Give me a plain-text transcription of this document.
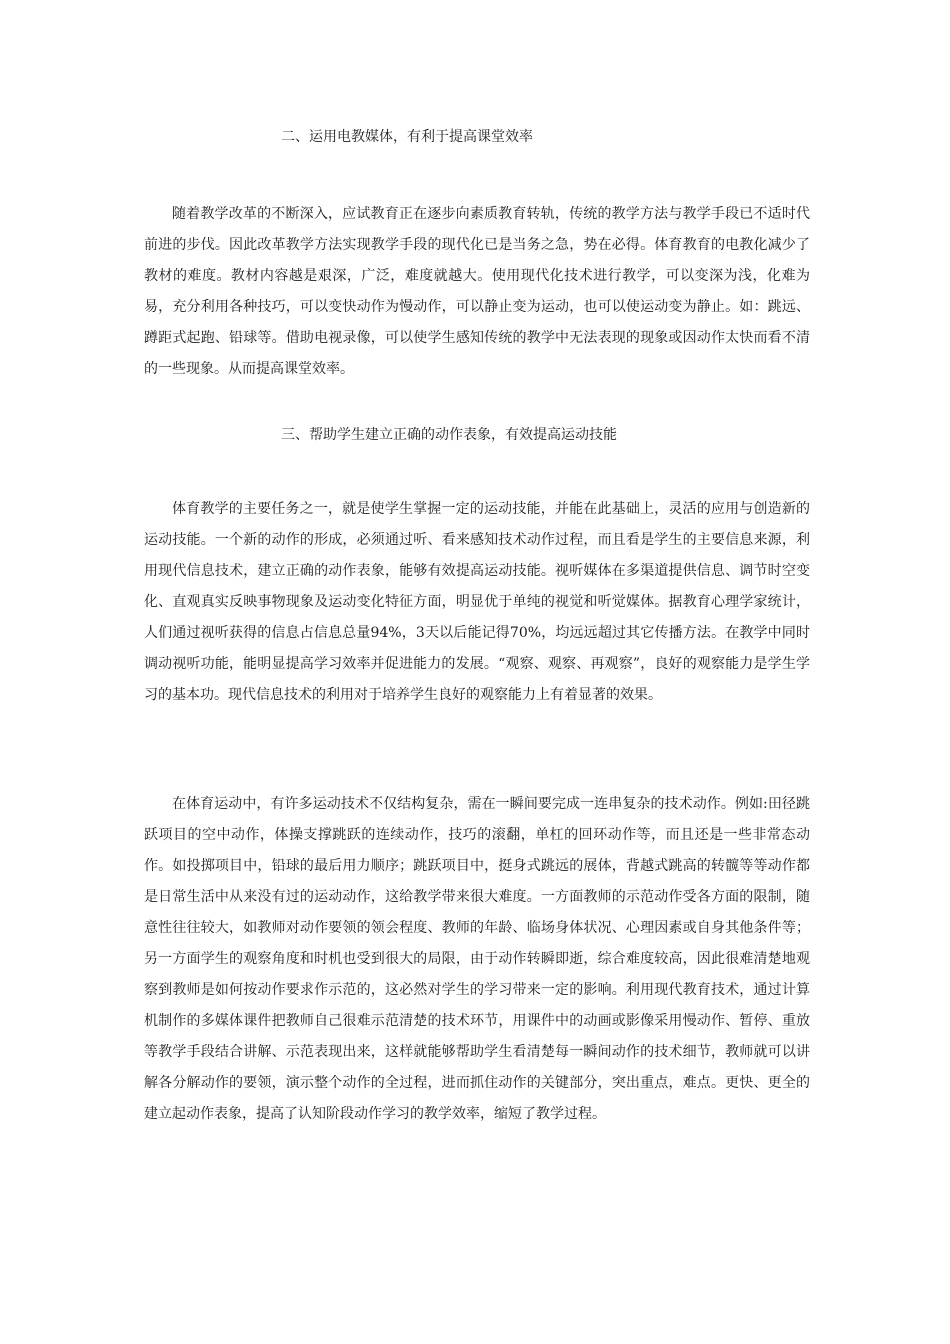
二、运用电教媒体，有利于提高课堂效率

随着教学改革的不断深入，应试教育正在逐步向素质教育转轨，传统的教学方法与教学手段已不适时代前进的步伐。因此改革教学方法实现教学手段的现代化已是当务之急，势在必得。体育教育的电教化减少了教材的难度。教材内容越是艰深，广泛，难度就越大。使用现代化技术进行教学，可以变深为浅，化难为易，充分利用各种技巧，可以变快动作为慢动作，可以静止变为运动，也可以使运动变为静止。如：跳远、蹲距式起跑、铅球等。借助电视录像，可以使学生感知传统的教学中无法表现的现象或因动作太快而看不清的一些现象。从而提高课堂效率。

三、帮助学生建立正确的动作表象，有效提高运动技能

体育教学的主要任务之一，就是使学生掌握一定的运动技能，并能在此基础上，灵活的应用与创造新的运动技能。一个新的动作的形成，必须通过听、看来感知技术动作过程，而且看是学生的主要信息来源，利用现代信息技术，建立正确的动作表象，能够有效提高运动技能。视听媒体在多渠道提供信息、调节时空变化、直观真实反映事物现象及运动变化特征方面，明显优于单纯的视觉和听觉媒体。据教育心理学家统计，人们通过视听获得的信息占信息总量94%，3天以后能记得70%，均远远超过其它传播方法。在教学中同时调动视听功能，能明显提高学习效率并促进能力的发展。“观察、观察、再观察”，良好的观察能力是学生学习的基本功。现代信息技术的利用对于培养学生良好的观察能力上有着显著的效果。

在体育运动中，有许多运动技术不仅结构复杂，需在一瞬间要完成一连串复杂的技术动作。例如:田径跳跃项目的空中动作，体操支撑跳跃的连续动作，技巧的滚翻，单杠的回环动作等，而且还是一些非常态动作。如投掷项目中，铅球的最后用力顺序；跳跃项目中，挺身式跳远的展体，背越式跳高的转髋等等动作都是日常生活中从来没有过的运动动作，这给教学带来很大难度。一方面教师的示范动作受各方面的限制，随意性往往较大，如教师对动作要领的领会程度、教师的年龄、临场身体状况、心理因素或自身其他条件等；另一方面学生的观察角度和时机也受到很大的局限，由于动作转瞬即逝，综合难度较高，因此很难清楚地观察到教师是如何按动作要求作示范的，这必然对学生的学习带来一定的影响。利用现代教育技术，通过计算机制作的多媒体课件把教师自己很难示范清楚的技术环节，用课件中的动画或影像采用慢动作、暂停、重放等教学手段结合讲解、示范表现出来，这样就能够帮助学生看清楚每一瞬间动作的技术细节，教师就可以讲解各分解动作的要领，演示整个动作的全过程，进而抓住动作的关键部分，突出重点，难点。更快、更全的建立起动作表象，提高了认知阶段动作学习的教学效率，缩短了教学过程。
